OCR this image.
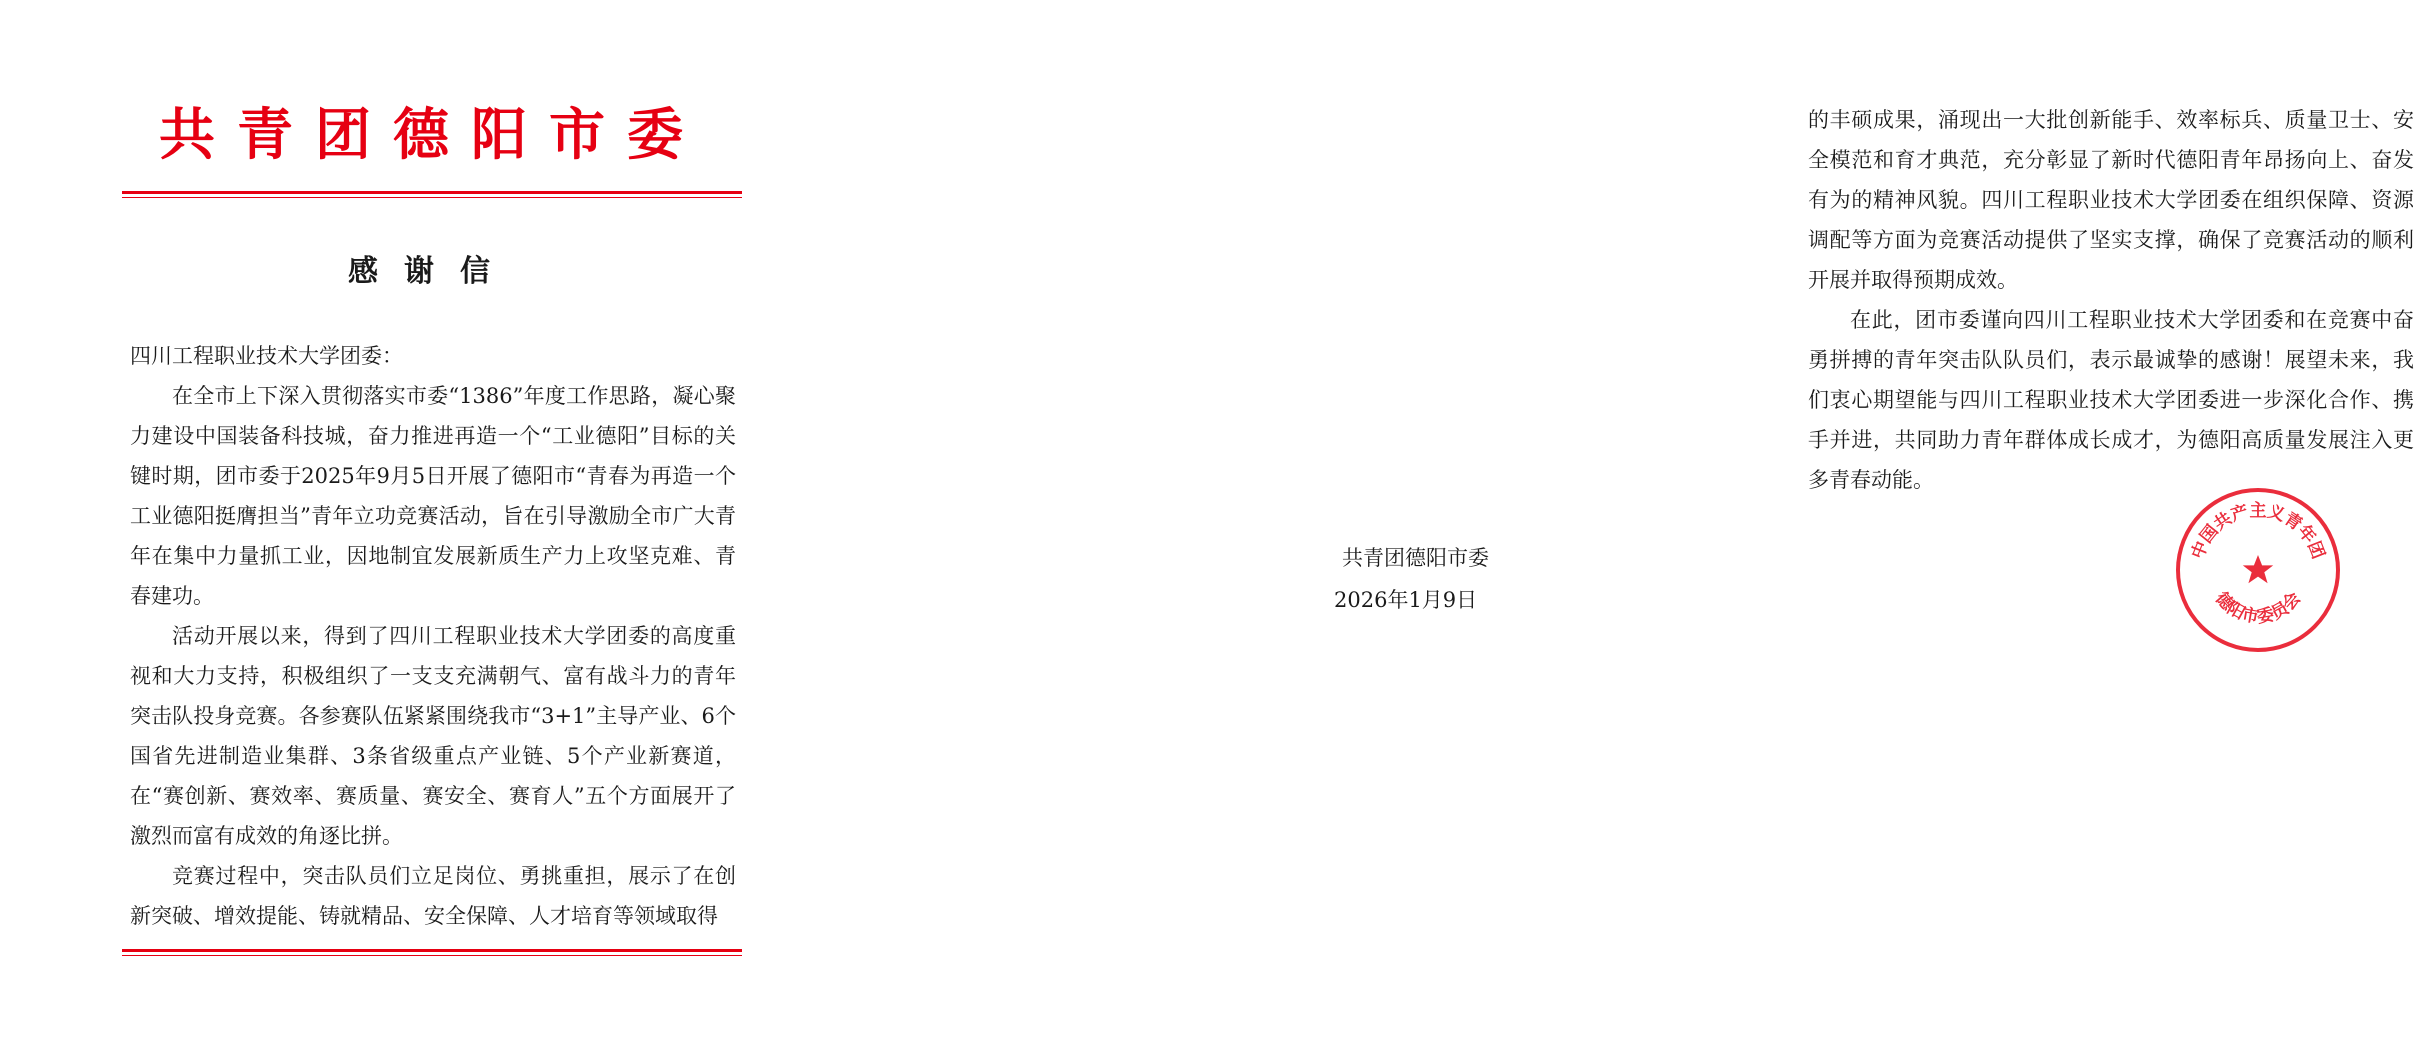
共青团德阳市委
感谢信

四川工程职业技术大学团委：

在全市上下深入贯彻落实市委“1386”年度工作思路，凝心聚力建设中国装备科技城，奋力推进再造一个“工业德阳”目标的关键时期，团市委于2025年9月5日开展了德阳市“青春为再造一个工业德阳挺膺担当”青年立功竞赛活动，旨在引导激励全市广大青年在集中力量抓工业，因地制宜发展新质生产力上攻坚克难、青春建功。

活动开展以来，得到了四川工程职业技术大学团委的高度重视和大力支持，积极组织了一支支充满朝气、富有战斗力的青年突击队投身竞赛。各参赛队伍紧紧围绕我市“3+1”主导产业、6个国省先进制造业集群、3条省级重点产业链、5个产业新赛道，在“赛创新、赛效率、赛质量、赛安全、赛育人”五个方面展开了激烈而富有成效的角逐比拼。

竞赛过程中，突击队员们立足岗位、勇挑重担，展示了在创新突破、增效提能、铸就精品、安全保障、人才培育等领域取得

的丰硕成果，涌现出一大批创新能手、效率标兵、质量卫士、安全模范和育才典范，充分彰显了新时代德阳青年昂扬向上、奋发有为的精神风貌。四川工程职业技术大学团委在组织保障、资源调配等方面为竞赛活动提供了坚实支撑，确保了竞赛活动的顺利开展并取得预期成效。

在此，团市委谨向四川工程职业技术大学团委和在竞赛中奋勇拼搏的青年突击队队员们，表示最诚挚的感谢！展望未来，我们衷心期望能与四川工程职业技术大学团委进一步深化合作、携手并进，共同助力青年群体成长成才，为德阳高质量发展注入更多青春动能。

中国共产主义青年团
德阳市委员会
共青团德阳市委
2026年1月9日
